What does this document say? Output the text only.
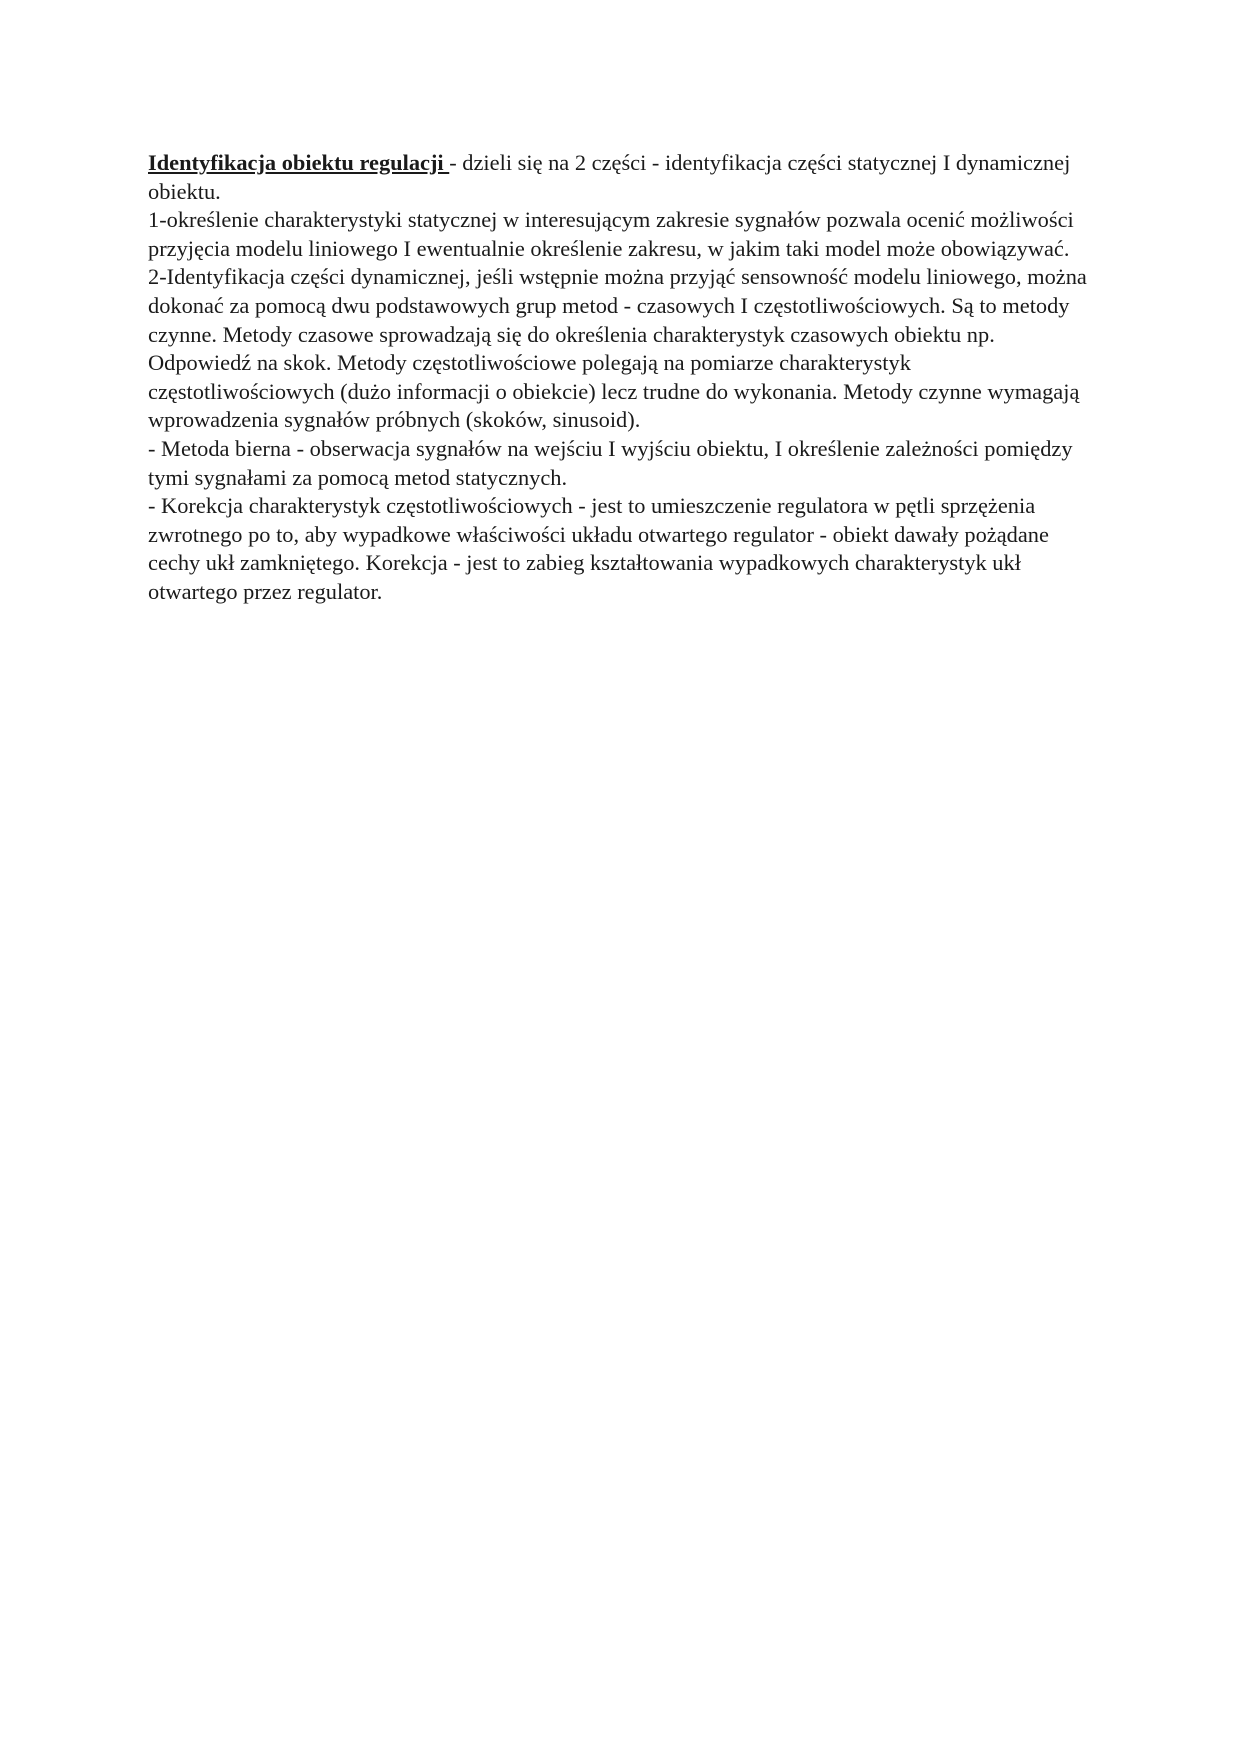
Identyfikacja obiektu regulacji - dzieli się na 2 części - identyfikacja części statycznej I dynamicznej obiektu.

1-określenie charakterystyki statycznej w interesującym zakresie sygnałów pozwala ocenić możliwości przyjęcia modelu liniowego I ewentualnie określenie zakresu, w jakim taki model może obowiązywać.

2-Identyfikacja części dynamicznej, jeśli wstępnie można przyjąć sensowność modelu liniowego, można dokonać za pomocą dwu podstawowych grup metod - czasowych I częstotliwościowych. Są to metody czynne. Metody czasowe sprowadzają się do określenia charakterystyk czasowych obiektu np. Odpowiedź na skok. Metody częstotliwościowe polegają na pomiarze charakterystyk częstotliwościowych (dużo informacji o obiekcie) lecz trudne do wykonania. Metody czynne wymagają wprowadzenia sygnałów próbnych (skoków, sinusoid).

- Metoda bierna - obserwacja sygnałów na wejściu I wyjściu obiektu, I określenie zależności pomiędzy tymi sygnałami za pomocą metod statycznych.

- Korekcja charakterystyk częstotliwościowych - jest to umieszczenie regulatora w pętli sprzężenia zwrotnego po to, aby wypadkowe właściwości układu otwartego regulator - obiekt dawały pożądane cechy ukł zamkniętego. Korekcja - jest to zabieg kształtowania wypadkowych charakterystyk ukł otwartego przez regulator.
